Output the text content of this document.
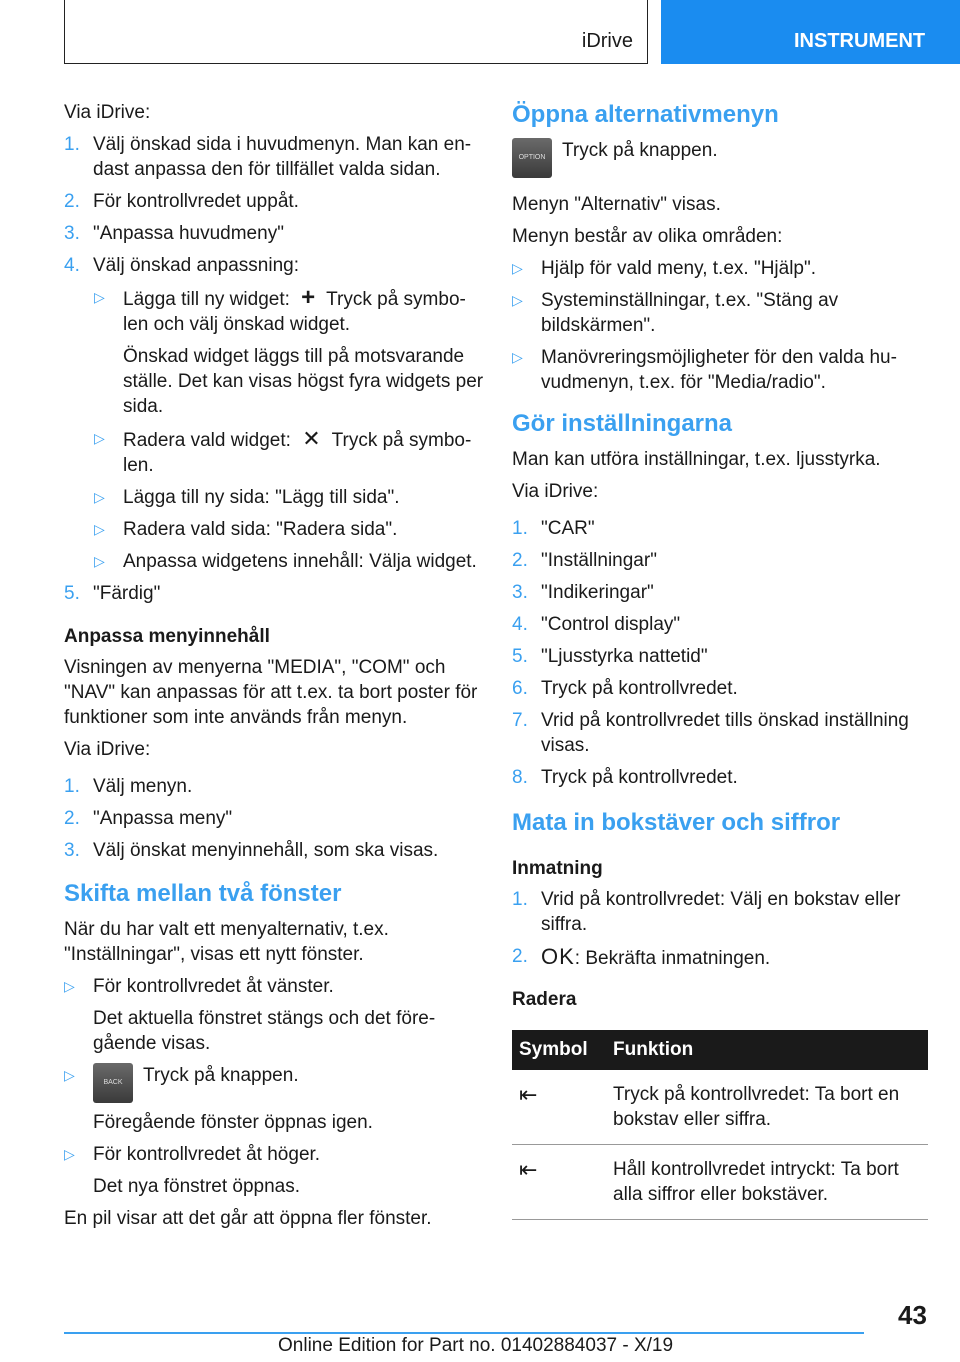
iDrive	INSTRUMENT
Via iDrive:
1. Välj önskad sida i huvudmenyn. Man kan en-dast anpassa den för tillfället valda sidan.
2. För kontrollvredet uppåt.
3. "Anpassa huvudmeny"
4. Välj önskad anpassning:
▷ Lägga till ny widget: + Tryck på symbo-len och välj önskad widget.
Önskad widget läggs till på motsvarande ställe. Det kan visas högst fyra widgets per sida.
▷ Radera vald widget: ✕ Tryck på symbo-len.
▷ Lägga till ny sida: "Lägg till sida".
▷ Radera vald sida: "Radera sida".
▷ Anpassa widgetens innehåll: Välja widget.
5. "Färdig"
Anpassa menyinnehåll
Visningen av menyerna "MEDIA", "COM" och "NAV" kan anpassas för att t.ex. ta bort poster för funktioner som inte används från menyn.
Via iDrive:
1. Välj menyn.
2. "Anpassa meny"
3. Välj önskat menyinnehåll, som ska visas.
Skifta mellan två fönster
När du har valt ett menyalternativ, t.ex. "Inställningar", visas ett nytt fönster.
▷ För kontrollvredet åt vänster.
Det aktuella fönstret stängs och det före-gående visas.
▷	BACK Tryck på knappen.
Föregående fönster öppnas igen.
▷ För kontrollvredet åt höger.
Det nya fönstret öppnas.
En pil visar att det går att öppna fler fönster.
Öppna alternativmenyn
OPTION Tryck på knappen.
Menyn "Alternativ" visas.
Menyn består av olika områden:
▷ Hjälp för vald meny, t.ex. "Hjälp".
▷ Systeminställningar, t.ex. "Stäng av bildskärmen".
▷ Manövreringsmöjligheter för den valda hu-vudmenyn, t.ex. för "Media/radio".
Gör inställningarna
Man kan utföra inställningar, t.ex. ljusstyrka.
Via iDrive:
1. "CAR"
2. "Inställningar"
3. "Indikeringar"
4. "Control display"
5. "Ljusstyrka nattetid"
6. Tryck på kontrollvredet.
7. Vrid på kontrollvredet tills önskad inställning visas.
8. Tryck på kontrollvredet.
Mata in bokstäver och siffror
Inmatning
1. Vrid på kontrollvredet: Välj en bokstav eller siffra.
2. OK: Bekräfta inmatningen.
Radera
Symbol	Funktion
⇤	Tryck på kontrollvredet: Ta bort en bokstav eller siffra.
⇤	Håll kontrollvredet intryckt: Ta bort alla siffror eller bokstäver.
43
Online Edition for Part no. 01402884037 - X/19
